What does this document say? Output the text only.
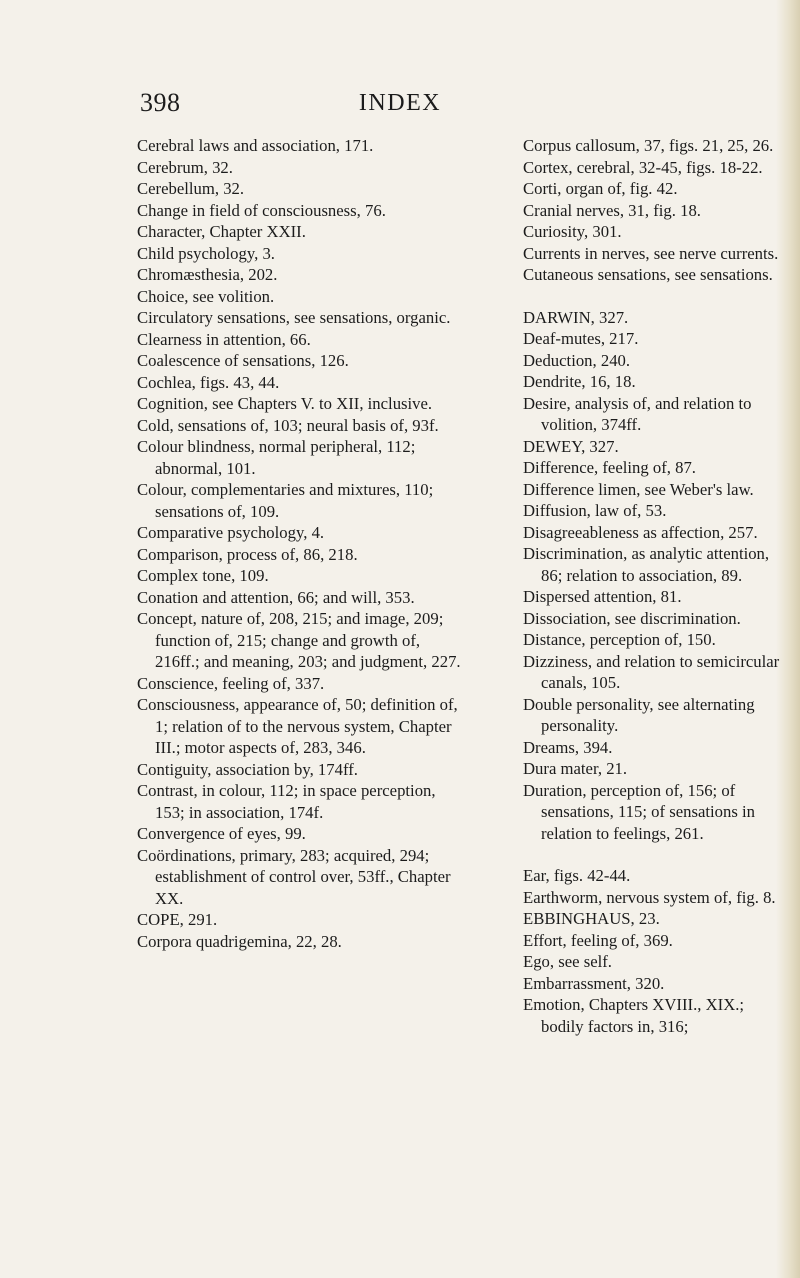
398	INDEX

Cerebral laws and association, 171.

Cerebrum, 32.

Cerebellum, 32.

Change in field of consciousness, 76.

Character, Chapter XXII.

Child psychology, 3.

Chromæsthesia, 202.

Choice, see volition.

Circulatory sensations, see sensations, organic.

Clearness in attention, 66.

Coalescence of sensations, 126.

Cochlea, figs. 43, 44.

Cognition, see Chapters V. to XII, inclusive.

Cold, sensations of, 103; neural basis of, 93f.

Colour blindness, normal peripheral, 112; abnormal, 101.

Colour, complementaries and mixtures, 110; sensations of, 109.

Comparative psychology, 4.

Comparison, process of, 86, 218.

Complex tone, 109.

Conation and attention, 66; and will, 353.

Concept, nature of, 208, 215; and image, 209; function of, 215; change and growth of, 216ff.; and meaning, 203; and judgment, 227.

Conscience, feeling of, 337.

Consciousness, appearance of, 50; definition of, 1; relation of to the nervous system, Chapter III.; motor aspects of, 283, 346.

Contiguity, association by, 174ff.

Contrast, in colour, 112; in space perception, 153; in association, 174f.

Convergence of eyes, 99.

Coördinations, primary, 283; acquired, 294; establishment of control over, 53ff., Chapter XX.

COPE, 291.

Corpora quadrigemina, 22, 28.

Corpus callosum, 37, figs. 21, 25, 26.

Cortex, cerebral, 32-45, figs. 18-22.

Corti, organ of, fig. 42.

Cranial nerves, 31, fig. 18.

Curiosity, 301.

Currents in nerves, see nerve currents.

Cutaneous sensations, see sensations.

DARWIN, 327.

Deaf-mutes, 217.

Deduction, 240.

Dendrite, 16, 18.

Desire, analysis of, and relation to volition, 374ff.

DEWEY, 327.

Difference, feeling of, 87.

Difference limen, see Weber's law.

Diffusion, law of, 53.

Disagreeableness as affection, 257.

Discrimination, as analytic attention, 86; relation to association, 89.

Dispersed attention, 81.

Dissociation, see discrimination.

Distance, perception of, 150.

Dizziness, and relation to semicircular canals, 105.

Double personality, see alternating personality.

Dreams, 394.

Dura mater, 21.

Duration, perception of, 156; of sensations, 115; of sensations in relation to feelings, 261.

Ear, figs. 42-44.

Earthworm, nervous system of, fig. 8.

EBBINGHAUS, 23.

Effort, feeling of, 369.

Ego, see self.

Embarrassment, 320.

Emotion, Chapters XVIII., XIX.; bodily factors in, 316;
